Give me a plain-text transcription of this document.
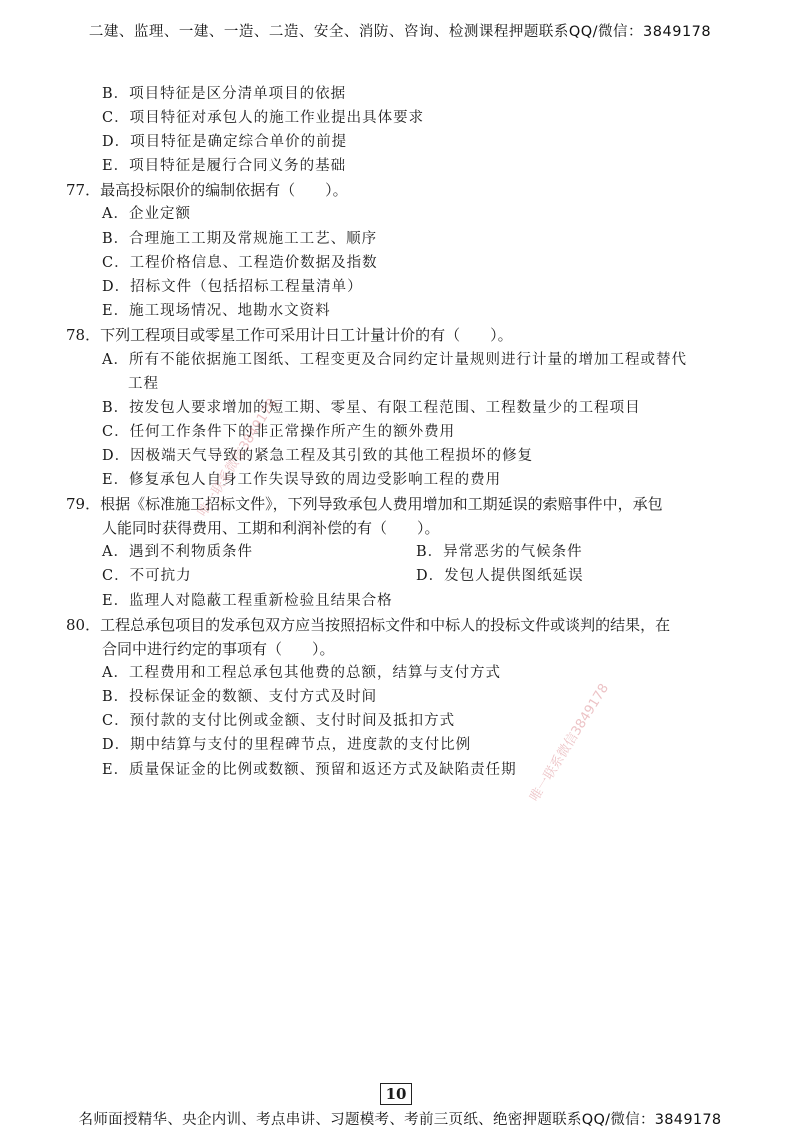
二建、监理、一建、一造、二造、安全、消防、咨询、检测课程押题联系QQ/微信：3849178
B．项目特征是区分清单项目的依据
C．项目特征对承包人的施工作业提出具体要求
D．项目特征是确定综合单价的前提
E．项目特征是履行合同义务的基础
77．最高投标限价的编制依据有（　　）。
A．企业定额
B．合理施工工期及常规施工工艺、顺序
C．工程价格信息、工程造价数据及指数
D．招标文件（包括招标工程量清单）
E．施工现场情况、地勘水文资料
78．下列工程项目或零星工作可采用计日工计量计价的有（　　）。
A．所有不能依据施工图纸、工程变更及合同约定计量规则进行计量的增加工程或替代
工程
B．按发包人要求增加的短工期、零星、有限工程范围、工程数量少的工程项目
C．任何工作条件下的非正常操作所产生的额外费用
D．因极端天气导致的紧急工程及其引致的其他工程损坏的修复
E．修复承包人自身工作失误导致的周边受影响工程的费用
79．根据《标准施工招标文件》，下列导致承包人费用增加和工期延误的索赔事件中，承包
人能同时获得费用、工期和利润补偿的有（　　）。
A．遇到不利物质条件	B．异常恶劣的气候条件
C．不可抗力	D．发包人提供图纸延误
E．监理人对隐蔽工程重新检验且结果合格
80．工程总承包项目的发承包双方应当按照招标文件和中标人的投标文件或谈判的结果，在
合同中进行约定的事项有（　　）。
A．工程费用和工程总承包其他费的总额，结算与支付方式
B．投标保证金的数额、支付方式及时间
C．预付款的支付比例或金额、支付时间及抵扣方式
D．期中结算与支付的里程碑节点，进度款的支付比例
E．质量保证金的比例或数额、预留和返还方式及缺陷责任期
唯一联系微信3849178
唯一联系微信3849178
10
名师面授精华、央企内训、考点串讲、习题模考、考前三页纸、绝密押题联系QQ/微信：3849178
